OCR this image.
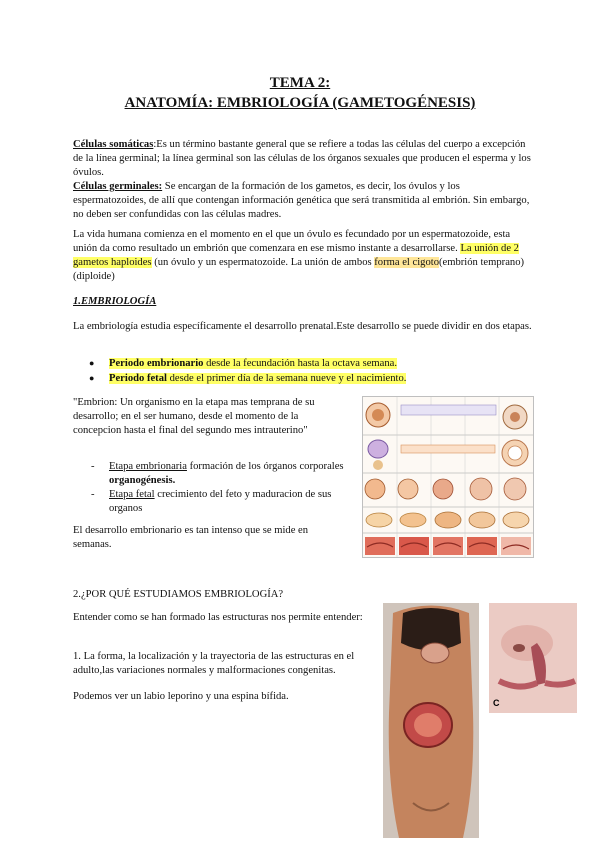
TEMA 2:
ANATOMÍA: EMBRIOLOGÍA (GAMETOGÉNESIS)

Células somáticas:Es un término bastante general que se refiere a todas las células del cuerpo a excepción de la línea germinal; la línea germinal son las células de los órganos sexuales que producen el esperma y los óvulos.

Células germinales: Se encargan de la formación de los gametos, es decir, los óvulos y los espermatozoides, de allí que contengan información genética que será transmitida al embrión. Sin embargo, no deben ser confundidas con las células madres.

La vida humana comienza en el momento en el que un óvulo es fecundado por un espermatozoide, esta unión da como resultado un embrión que comenzara en ese mismo instante a desarrollarse. La unión de 2 gametos haploides (un óvulo y un espermatozoide. La unión de ambos forma el cigoto(embrión temprano) (diploide)

1.EMBRIOLOGÍA

La embriología estudia específicamente el desarrollo prenatal.Este desarrollo se puede dividir en dos etapas.

● Periodo embrionario desde la fecundación hasta la octava semana.
● Periodo fetal desde el primer día de la semana nueve y el nacimiento.

"Embrion: Un organismo en la etapa mas temprana de su desarrollo; en el ser humano, desde el momento de la concepcion hasta el final del segundo mes intrauterino"

- Etapa embrionaria formación de los órganos corporales organogénesis.
- Etapa fetal crecimiento del feto y maduracion de sus organos

El desarrollo embrionario es tan intenso que se mide en semanas.

2.¿POR QUÉ ESTUDIAMOS EMBRIOLOGÍA?

Entender como se han formado las estructuras nos permite entender:

1. La forma, la localización y la trayectoria de las estructuras en el adulto,las variaciones normales y malformaciones congenitas.

Podemos ver un labio leporino y una espina bífida.

C
